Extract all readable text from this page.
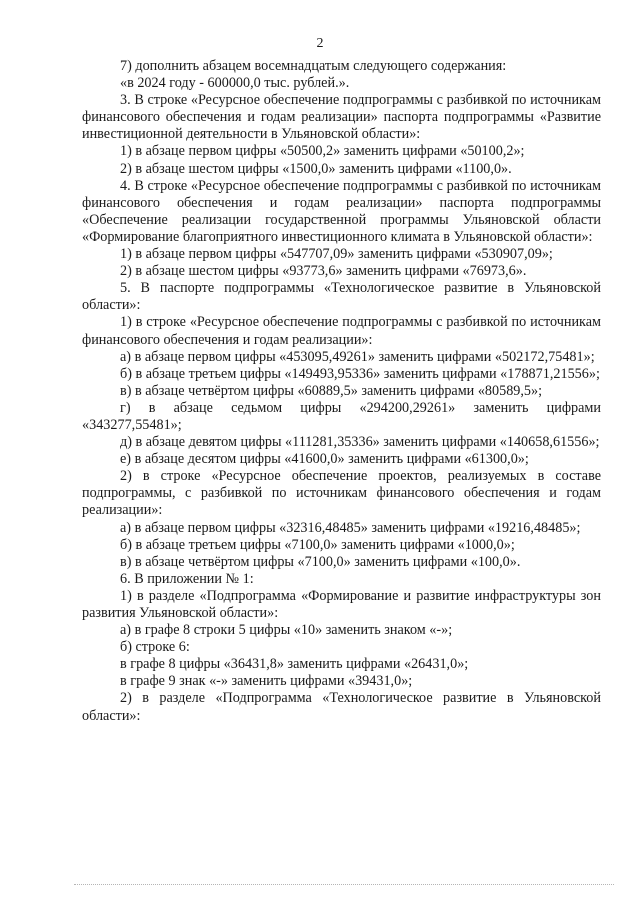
2

7) дополнить абзацем восемнадцатым следующего содержания:

«в 2024 году - 600000,0 тыс. рублей.».

3. В строке «Ресурсное обеспечение подпрограммы с разбивкой по источникам финансового обеспечения и годам реализации» паспорта подпрограммы «Развитие инвестиционной деятельности в Ульяновской области»:

1) в абзаце первом цифры «50500,2» заменить цифрами «50100,2»;

2) в абзаце шестом цифры «1500,0» заменить цифрами «1100,0».

4. В строке «Ресурсное обеспечение подпрограммы с разбивкой по источникам финансового обеспечения и годам реализации» паспорта подпрограммы «Обеспечение реализации государственной программы Ульяновской области «Формирование благоприятного инвестиционного климата в Ульяновской области»:

1) в абзаце первом цифры «547707,09» заменить цифрами «530907,09»;

2) в абзаце шестом цифры «93773,6» заменить цифрами «76973,6».

5. В паспорте подпрограммы «Технологическое развитие в Ульяновской области»:

1) в строке «Ресурсное обеспечение подпрограммы с разбивкой по источникам финансового обеспечения и годам реализации»:

а) в абзаце первом цифры «453095,49261» заменить цифрами «502172,75481»;

б) в абзаце третьем цифры «149493,95336» заменить цифрами «178871,21556»;

в) в абзаце четвёртом цифры «60889,5» заменить цифрами «80589,5»;

г) в абзаце седьмом цифры «294200,29261» заменить цифрами «343277,55481»;

д) в абзаце девятом цифры «111281,35336» заменить цифрами «140658,61556»;

е) в абзаце десятом цифры «41600,0» заменить цифрами «61300,0»;

2) в строке «Ресурсное обеспечение проектов, реализуемых в составе подпрограммы, с разбивкой по источникам финансового обеспечения и годам реализации»:

а) в абзаце первом цифры «32316,48485» заменить цифрами «19216,48485»;

б) в абзаце третьем цифры «7100,0» заменить цифрами «1000,0»;

в) в абзаце четвёртом цифры «7100,0» заменить цифрами «100,0».

6. В приложении № 1:

1) в разделе «Подпрограмма «Формирование и развитие инфраструктуры зон развития Ульяновской области»:

а) в графе 8 строки 5 цифры «10» заменить знаком «-»;

б) строке 6:

в графе 8 цифры «36431,8» заменить цифрами «26431,0»;

в графе 9 знак «-» заменить цифрами «39431,0»;

2) в разделе «Подпрограмма «Технологическое развитие в Ульяновской области»:
